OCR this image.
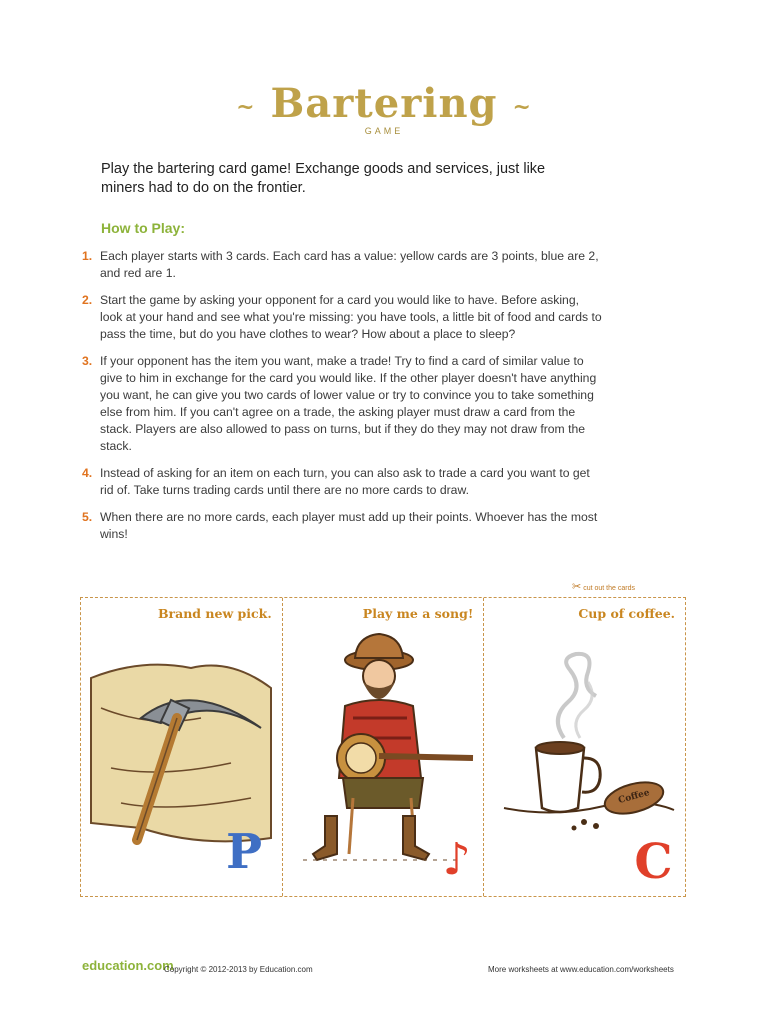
~ Bartering ~
GAME
Play the bartering card game! Exchange goods and services, just like miners had to do on the frontier.
How to Play:
1. Each player starts with 3 cards. Each card has a value: yellow cards are 3 points, blue are 2, and red are 1.
2. Start the game by asking your opponent for a card you would like to have. Before asking, look at your hand and see what you're missing: you have tools, a little bit of food and cards to pass the time, but do you have clothes to wear? How about a place to sleep?
3. If your opponent has the item you want, make a trade! Try to find a card of similar value to give to him in exchange for the card you would like. If the other player doesn't have anything you want, he can give you two cards of lower value or try to convince you to take something else from him. If you can't agree on a trade, the asking player must draw a card from the stack. Players are also allowed to pass on turns, but if they do they may not draw from the stack.
4. Instead of asking for an item on each turn, you can also ask to trade a card you want to get rid of. Take turns trading cards until there are no more cards to draw.
5. When there are no more cards, each player must add up their points. Whoever has the most wins!
✂ cut out the cards
Brand new pick.
P
Play me a song!
♪
Cup of coffee.
Coffee
C
education.com
Copyright © 2012-2013 by Education.com	More worksheets at www.education.com/worksheets
